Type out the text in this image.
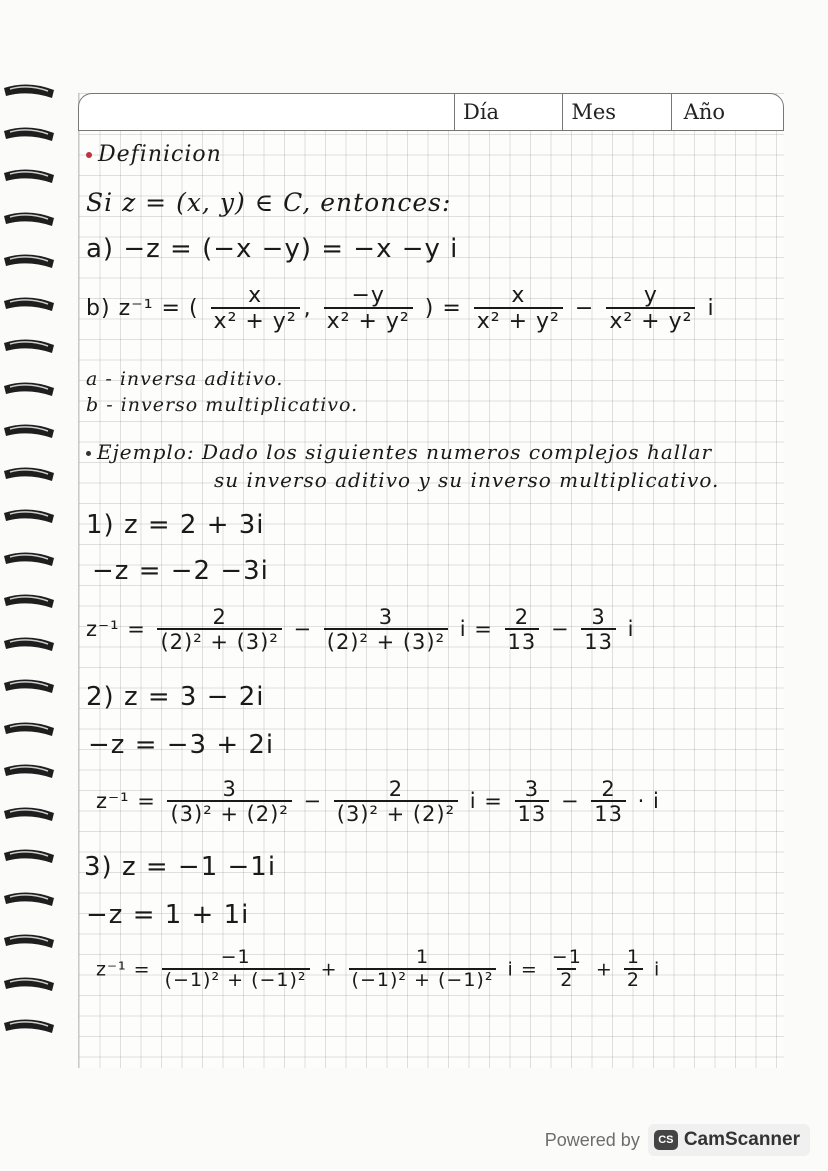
Día	Mes	Año
Definicion
Si z = (x, y) ∈ C, entonces:
a) −z = (−x −y) = −x −y i
b) z⁻¹ = ( $\frac{x}{\text{x² + y²}}$ , $\frac{-y}{\text{x² + y²}}$ ) = $\frac{x}{\text{x² + y²}} - \frac{y}{\text{x² + y²}}$ i
a - inversa aditivo.
b - inverso multiplicativo.
Ejemplo: Dado los siguientes numeros complejos hallar
su inverso aditivo y su inverso multiplicativo.
1) z = 2 + 3i
−z = −2 −3i
$z^{-1} = \frac{2}{\text{(2)² + (3)²}} - \frac{3}{\text{(2)² + (3)²}}$ $i = \frac{2}{13} - \frac{3}{13}$ i
2) z = 3 − 2i
−z = −3 + 2i
$z^{-1} = \frac{3}{\text{(3)² + (2)²}} - \frac{2}{\text{(3)² + (2)²}}$ $i = \frac{3}{13} - \frac{2}{13} \cdot i$
3) z = −1 −1i
−z = 1 + 1i
$z^{-1} = \frac{-1}{\text{(−1)² + (−1)²}} + \frac{1}{\text{(−1)² + (−1)²}}$ $i = \frac{-1}{2} + \frac{1}{2}$ i
Powered by	CS CamScanner
